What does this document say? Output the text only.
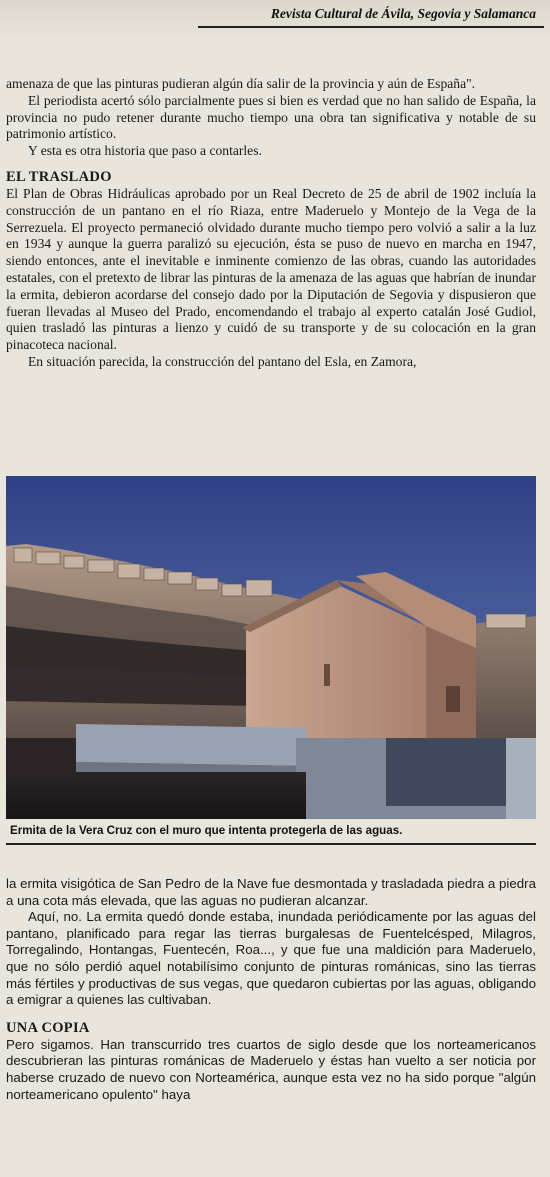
Revista Cultural de Ávila, Segovia y Salamanca

amenaza de que las pinturas pudieran algún día salir de la provincia y aún de España".

El periodista acertó sólo parcialmente pues si bien es verdad que no han salido de España, la provincia no pudo retener durante mucho tiempo una obra tan significativa y notable de su patrimonio artístico.

Y esta es otra historia que paso a contarles.

EL TRASLADO

El Plan de Obras Hidráulicas aprobado por un Real Decreto de 25 de abril de 1902 incluía la construcción de un pantano en el río Riaza, entre Maderuelo y Montejo de la Vega de la Serrezuela. El proyecto permaneció olvidado durante mucho tiempo pero volvió a salir a la luz en 1934 y aunque la guerra paralizó su ejecución, ésta se puso de nuevo en marcha en 1947, siendo entonces, ante el inevitable e inminente comienzo de las obras, cuando las autoridades estatales, con el pretexto de librar las pinturas de la amenaza de las aguas que habrían de inundar la ermita, debieron acordarse del consejo dado por la Diputación de Segovia y dispusieron que fueran llevadas al Museo del Prado, encomendando el trabajo al experto catalán José Gudiol, quien trasladó las pinturas a lienzo y cuidó de su transporte y de su colocación en la gran pinacoteca nacional.

En situación parecida, la construcción del pantano del Esla, en Zamora,

Ermita de la Vera Cruz con el muro que intenta protegerla de las aguas.

la ermita visigótica de San Pedro de la Nave fue desmontada y trasladada piedra a piedra a una cota más elevada, que las aguas no pudieran alcanzar.

Aquí, no. La ermita quedó donde estaba, inundada periódicamente por las aguas del pantano, planificado para regar las tierras burgalesas de Fuentelcésped, Milagros, Torregalindo, Hontangas, Fuentecén, Roa..., y que fue una maldición para Maderuelo, que no sólo perdió aquel notabilísimo conjunto de pinturas románicas, sino las tierras más fértiles y productivas de sus vegas, que quedaron cubiertas por las aguas, obligando a emigrar a quienes las cultivaban.

UNA COPIA

Pero sigamos. Han transcurrido tres cuartos de siglo desde que los norteamericanos descubrieran las pinturas románicas de Maderuelo y éstas han vuelto a ser noticia por haberse cruzado de nuevo con Norteamérica, aunque esta vez no ha sido porque "algún norteamericano opulento" haya
